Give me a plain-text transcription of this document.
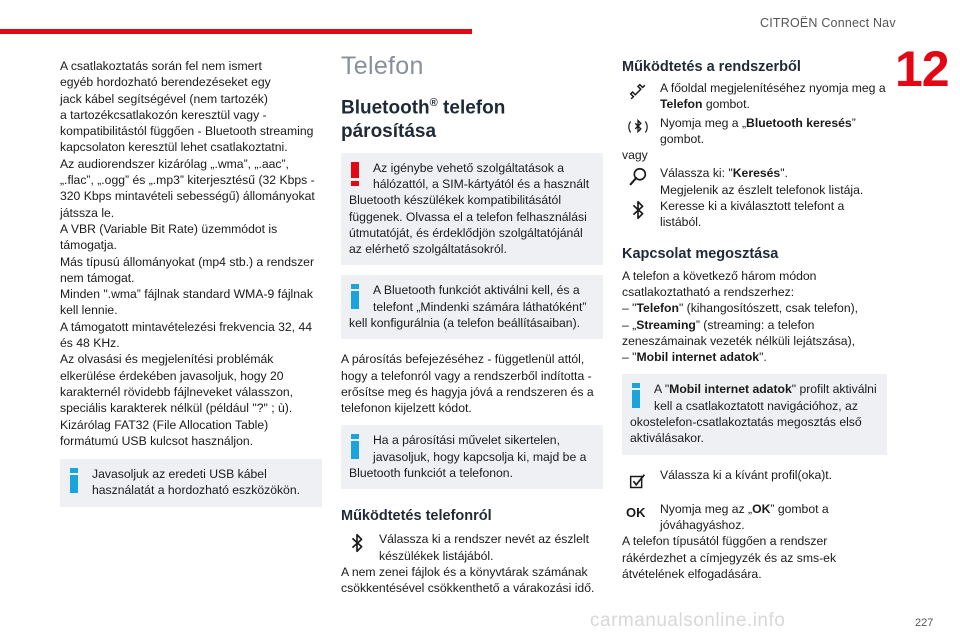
CITROËN Connect Nav
12
227

A csatlakoztatás során fel nem ismert

egyéb hordozható berendezéseket egy

jack kábel segítségével (nem tartozék)

a tartozékcsatlakozón keresztül vagy -

kompatibilitástól függően - Bluetooth streaming

kapcsolaton keresztül lehet csatlakoztatni.

Az audiorendszer kizárólag „.wma”, „.aac”,

„.flac”, „.ogg” és „.mp3” kiterjesztésű (32 Kbps -

320 Kbps mintavételi sebességű) állományokat

játssza le.

A VBR (Variable Bit Rate) üzemmódot is

támogatja.

Más típusú állományokat (mp4 stb.) a rendszer

nem támogat.

Minden ".wma” fájlnak standard WMA-9 fájlnak

kell lennie.

A támogatott mintavételezési frekvencia 32, 44

és 48 KHz.

Az olvasási és megjelenítési problémák

elkerülése érdekében javasoljuk, hogy 20

karakternél rövidebb fájlneveket válasszon,

speciális karakterek nélkül (például "?" ; ù).

Kizárólag FAT32 (File Allocation Table)

formátumú USB kulcsot használjon.

Javasoljuk az eredeti USB kábel

használatát a hordozható eszközökön.

Telefon
Bluetooth® telefon
párosítása

Az igénybe vehető szolgáltatások a

hálózattól, a SIM-kártyától és a használt

Bluetooth készülékek kompatibilitásától

függenek. Olvassa el a telefon felhasználási

útmutatóját, és érdeklődjön szolgáltatójánál

az elérhető szolgáltatásokról.

A Bluetooth funkciót aktiválni kell, és a

telefont „Mindenki számára láthatóként”

kell konfigurálnia (a telefon beállításaiban).

A párosítás befejezéséhez - függetlenül attól,

hogy a telefonról vagy a rendszerből indította -

erősítse meg és hagyja jóvá a rendszeren és a

telefonon kijelzett kódot.

Ha a párosítási művelet sikertelen,

javasoljuk, hogy kapcsolja ki, majd be a

Bluetooth funkciót a telefonon.

Működtetés telefonról

Válassza ki a rendszer nevét az észlelt

készülékek listájából.

A nem zenei fájlok és a könyvtárak számának

csökkentésével csökkenthető a várakozási idő.

Működtetés a rendszerből

A főoldal megjelenítéséhez nyomja meg a

Telefon gombot.

Nyomja meg a „Bluetooth keresés”

gombot.

vagy

Válassza ki: "Keresés".

Megjelenik az észlelt telefonok listája.

Keresse ki a kiválasztott telefont a

listából.

Kapcsolat megosztása

A telefon a következő három módon

csatlakoztatható a rendszerhez:

– "Telefon" (kihangosítószett, csak telefon),

– „Streaming” (streaming: a telefon

zeneszámainak vezeték nélküli lejátszása),

– "Mobil internet adatok".

A "Mobil internet adatok" profilt aktiválni

kell a csatlakoztatott navigációhoz, az

okostelefon-csatlakoztatás megosztás első

aktiválásakor.

Válassza ki a kívánt profil(oka)t.

OK Nyomja meg az „OK” gombot a

jóváhagyáshoz.

A telefon típusától függően a rendszer

rákérdezhet a címjegyzék és az sms-ek

átvételének elfogadására.

carmanualsonline.info
